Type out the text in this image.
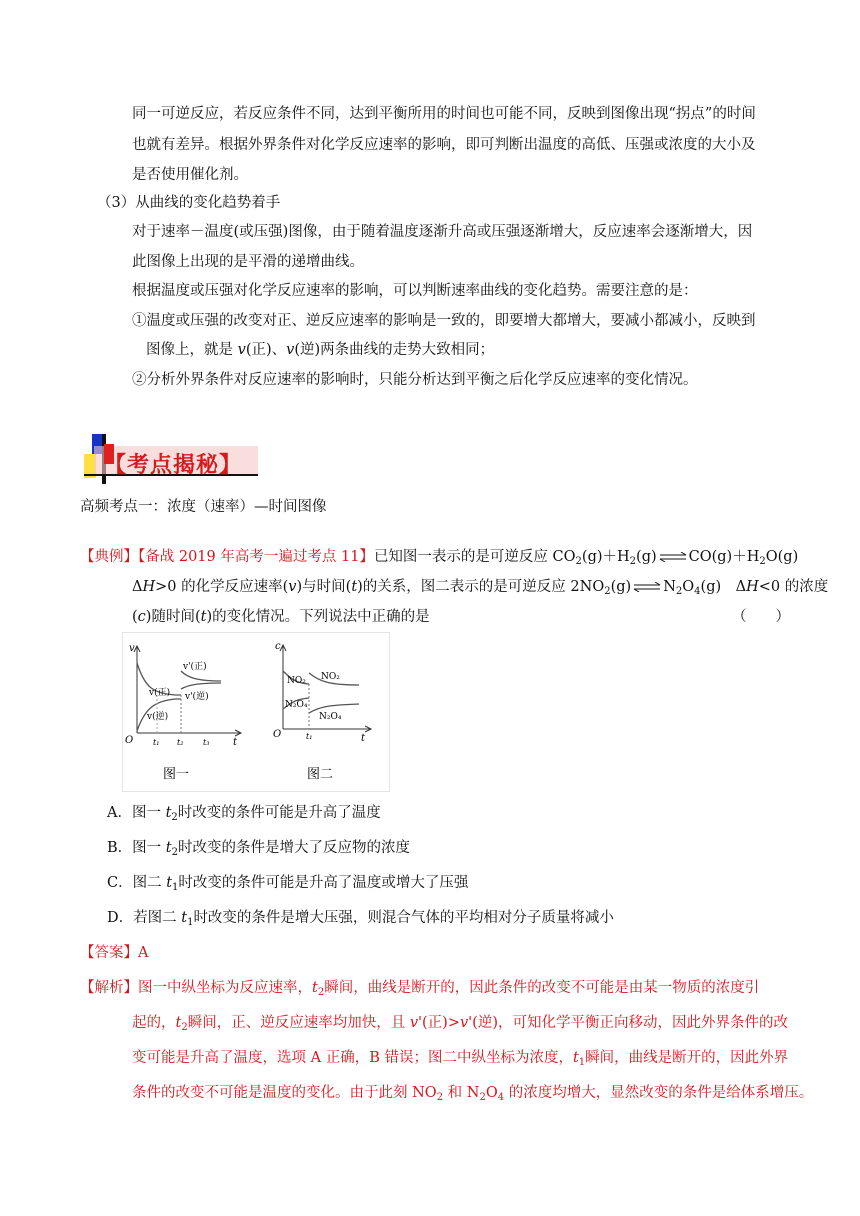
同一可逆反应，若反应条件不同，达到平衡所用的时间也可能不同，反映到图像出现“拐点”的时间
也就有差异。根据外界条件对化学反应速率的影响，即可判断出温度的高低、压强或浓度的大小及
是否使用催化剂。
（3）从曲线的变化趋势着手
对于速率－温度(或压强)图像，由于随着温度逐渐升高或压强逐渐增大，反应速率会逐渐增大，因
此图像上出现的是平滑的递增曲线。
根据温度或压强对化学反应速率的影响，可以判断速率曲线的变化趋势。需要注意的是：
①温度或压强的改变对正、逆反应速率的影响是一致的，即要增大都增大，要减小都减小，反映到
图像上，就是 v(正)、v(逆)两条曲线的走势大致相同；
②分析外界条件对反应速率的影响时，只能分析达到平衡之后化学反应速率的变化情况。
【考点揭秘】
高频考点一：浓度（速率）—时间图像
【典例】【备战 2019 年高考一遍过考点 11】已知图一表示的是可逆反应 $CO_2(g)+H_2(g)$ ⇌ $CO(g)+H_2O(g)$
ΔH>0 的化学反应速率(v)与时间(t)的关系，图二表示的是可逆反应 $2NO_2(g)$ ⇌ $N_2O_4(g)$　ΔH<0 的浓度
(c)随时间(t)的变化情况。下列说法中正确的是	（　　）
v
O t₁ t₂ t₃ t
v(正)
v(逆)
v'(正)
v'(逆)
c
O	t₁	t
NO₂ NO₂
N₂O₄
N₂O₄
图一	图二
A．图一 $t_2$时改变的条件可能是升高了温度
B．图一 $t_2$时改变的条件是增大了反应物的浓度
C．图二 $t_1$时改变的条件可能是升高了温度或增大了压强
D．若图二 $t_1$时改变的条件是增大压强，则混合气体的平均相对分子质量将减小
【答案】A
【解析】图一中纵坐标为反应速率，$t_2$瞬间，曲线是断开的，因此条件的改变不可能是由某一物质的浓度引
起的，$t_2$瞬间，正、逆反应速率均加快，且 v'(正)>v'(逆)，可知化学平衡正向移动，因此外界条件的改
变可能是升高了温度，选项 A 正确，B 错误；图二中纵坐标为浓度，$t_1$瞬间，曲线是断开的，因此外界
条件的改变不可能是温度的变化。由于此刻 $NO_2$ 和 $N_2O_4$ 的浓度均增大，显然改变的条件是给体系增压。
